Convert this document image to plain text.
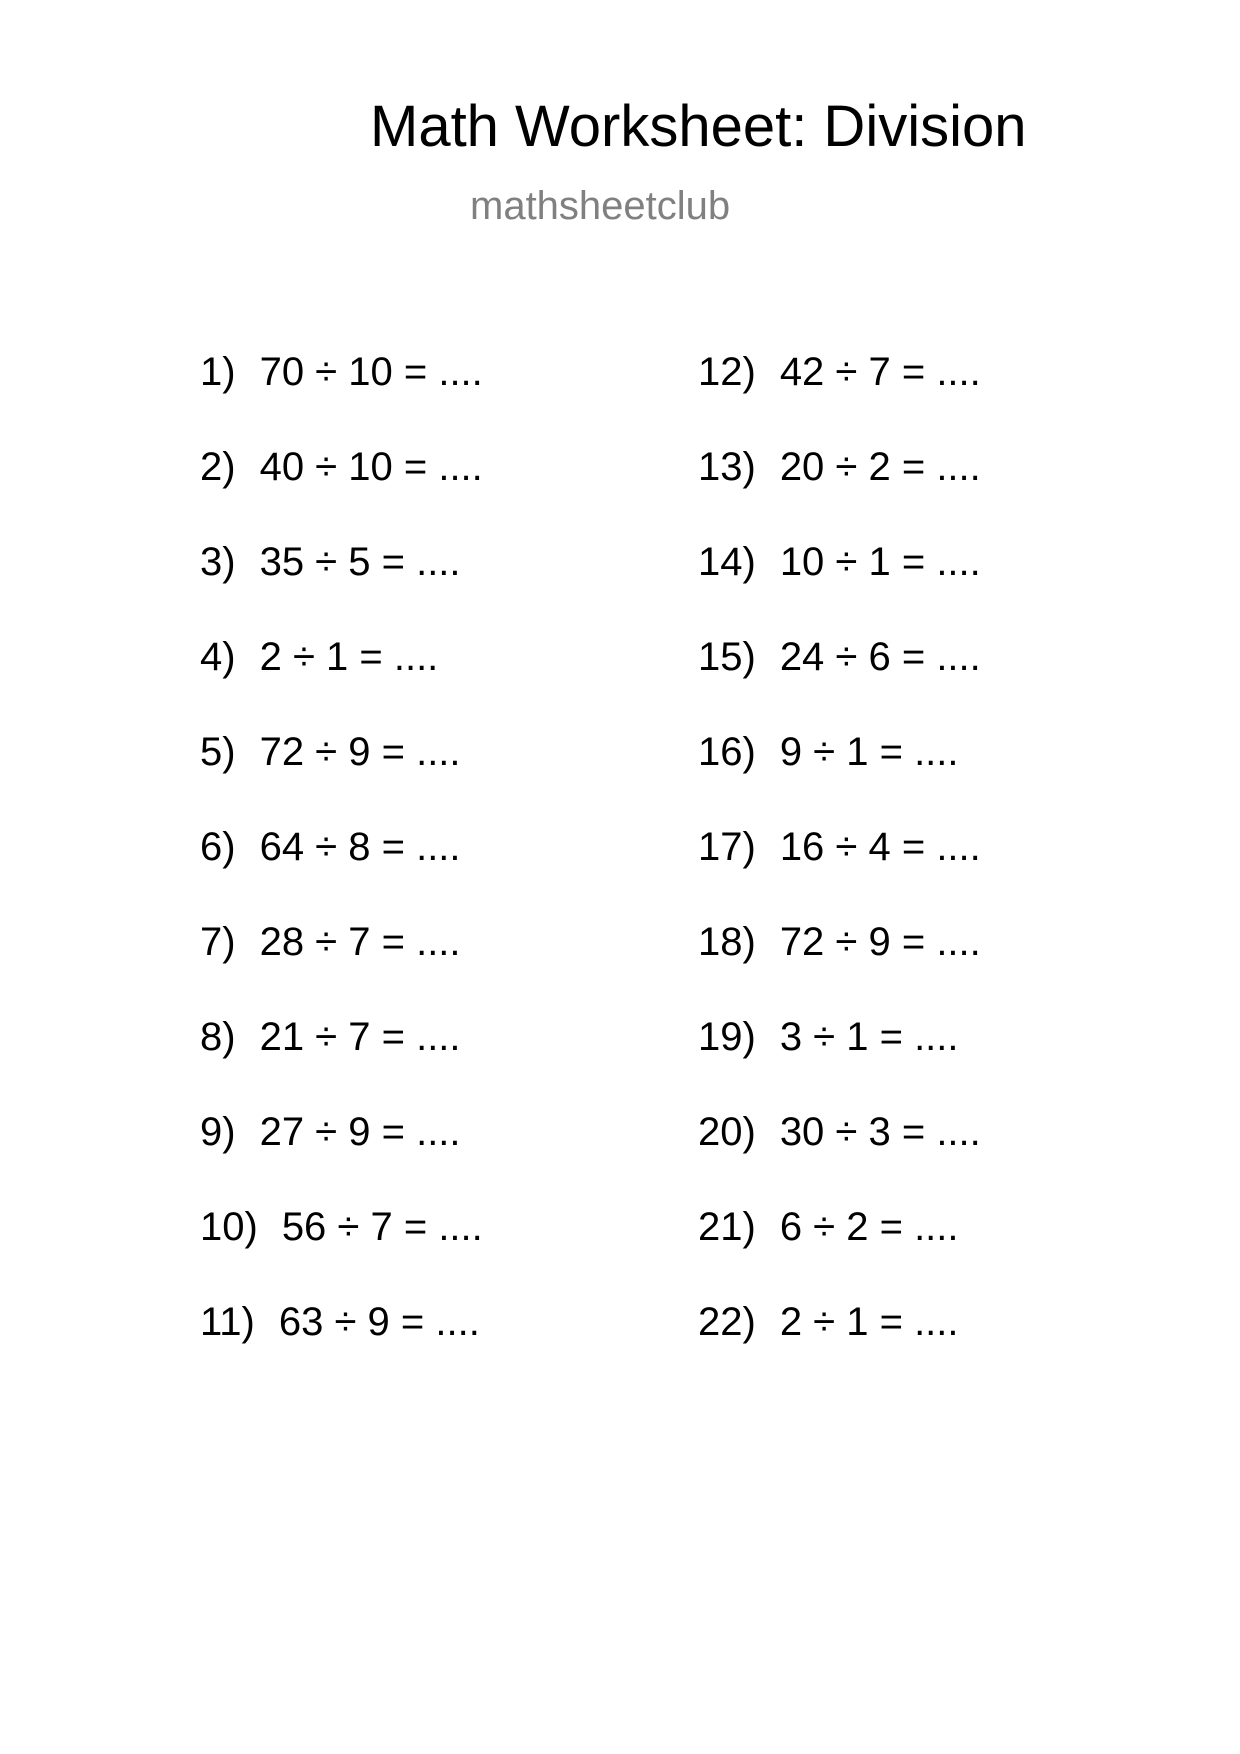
Math Worksheet: Division
mathsheetclub
1) 70 ÷ 10 = ....
2) 40 ÷ 10 = ....
3) 35 ÷ 5 = ....
4) 2 ÷ 1 = ....
5) 72 ÷ 9 = ....
6) 64 ÷ 8 = ....
7) 28 ÷ 7 = ....
8) 21 ÷ 7 = ....
9) 27 ÷ 9 = ....
10) 56 ÷ 7 = ....
11) 63 ÷ 9 = ....
12) 42 ÷ 7 = ....
13) 20 ÷ 2 = ....
14) 10 ÷ 1 = ....
15) 24 ÷ 6 = ....
16) 9 ÷ 1 = ....
17) 16 ÷ 4 = ....
18) 72 ÷ 9 = ....
19) 3 ÷ 1 = ....
20) 30 ÷ 3 = ....
21) 6 ÷ 2 = ....
22) 2 ÷ 1 = ....
